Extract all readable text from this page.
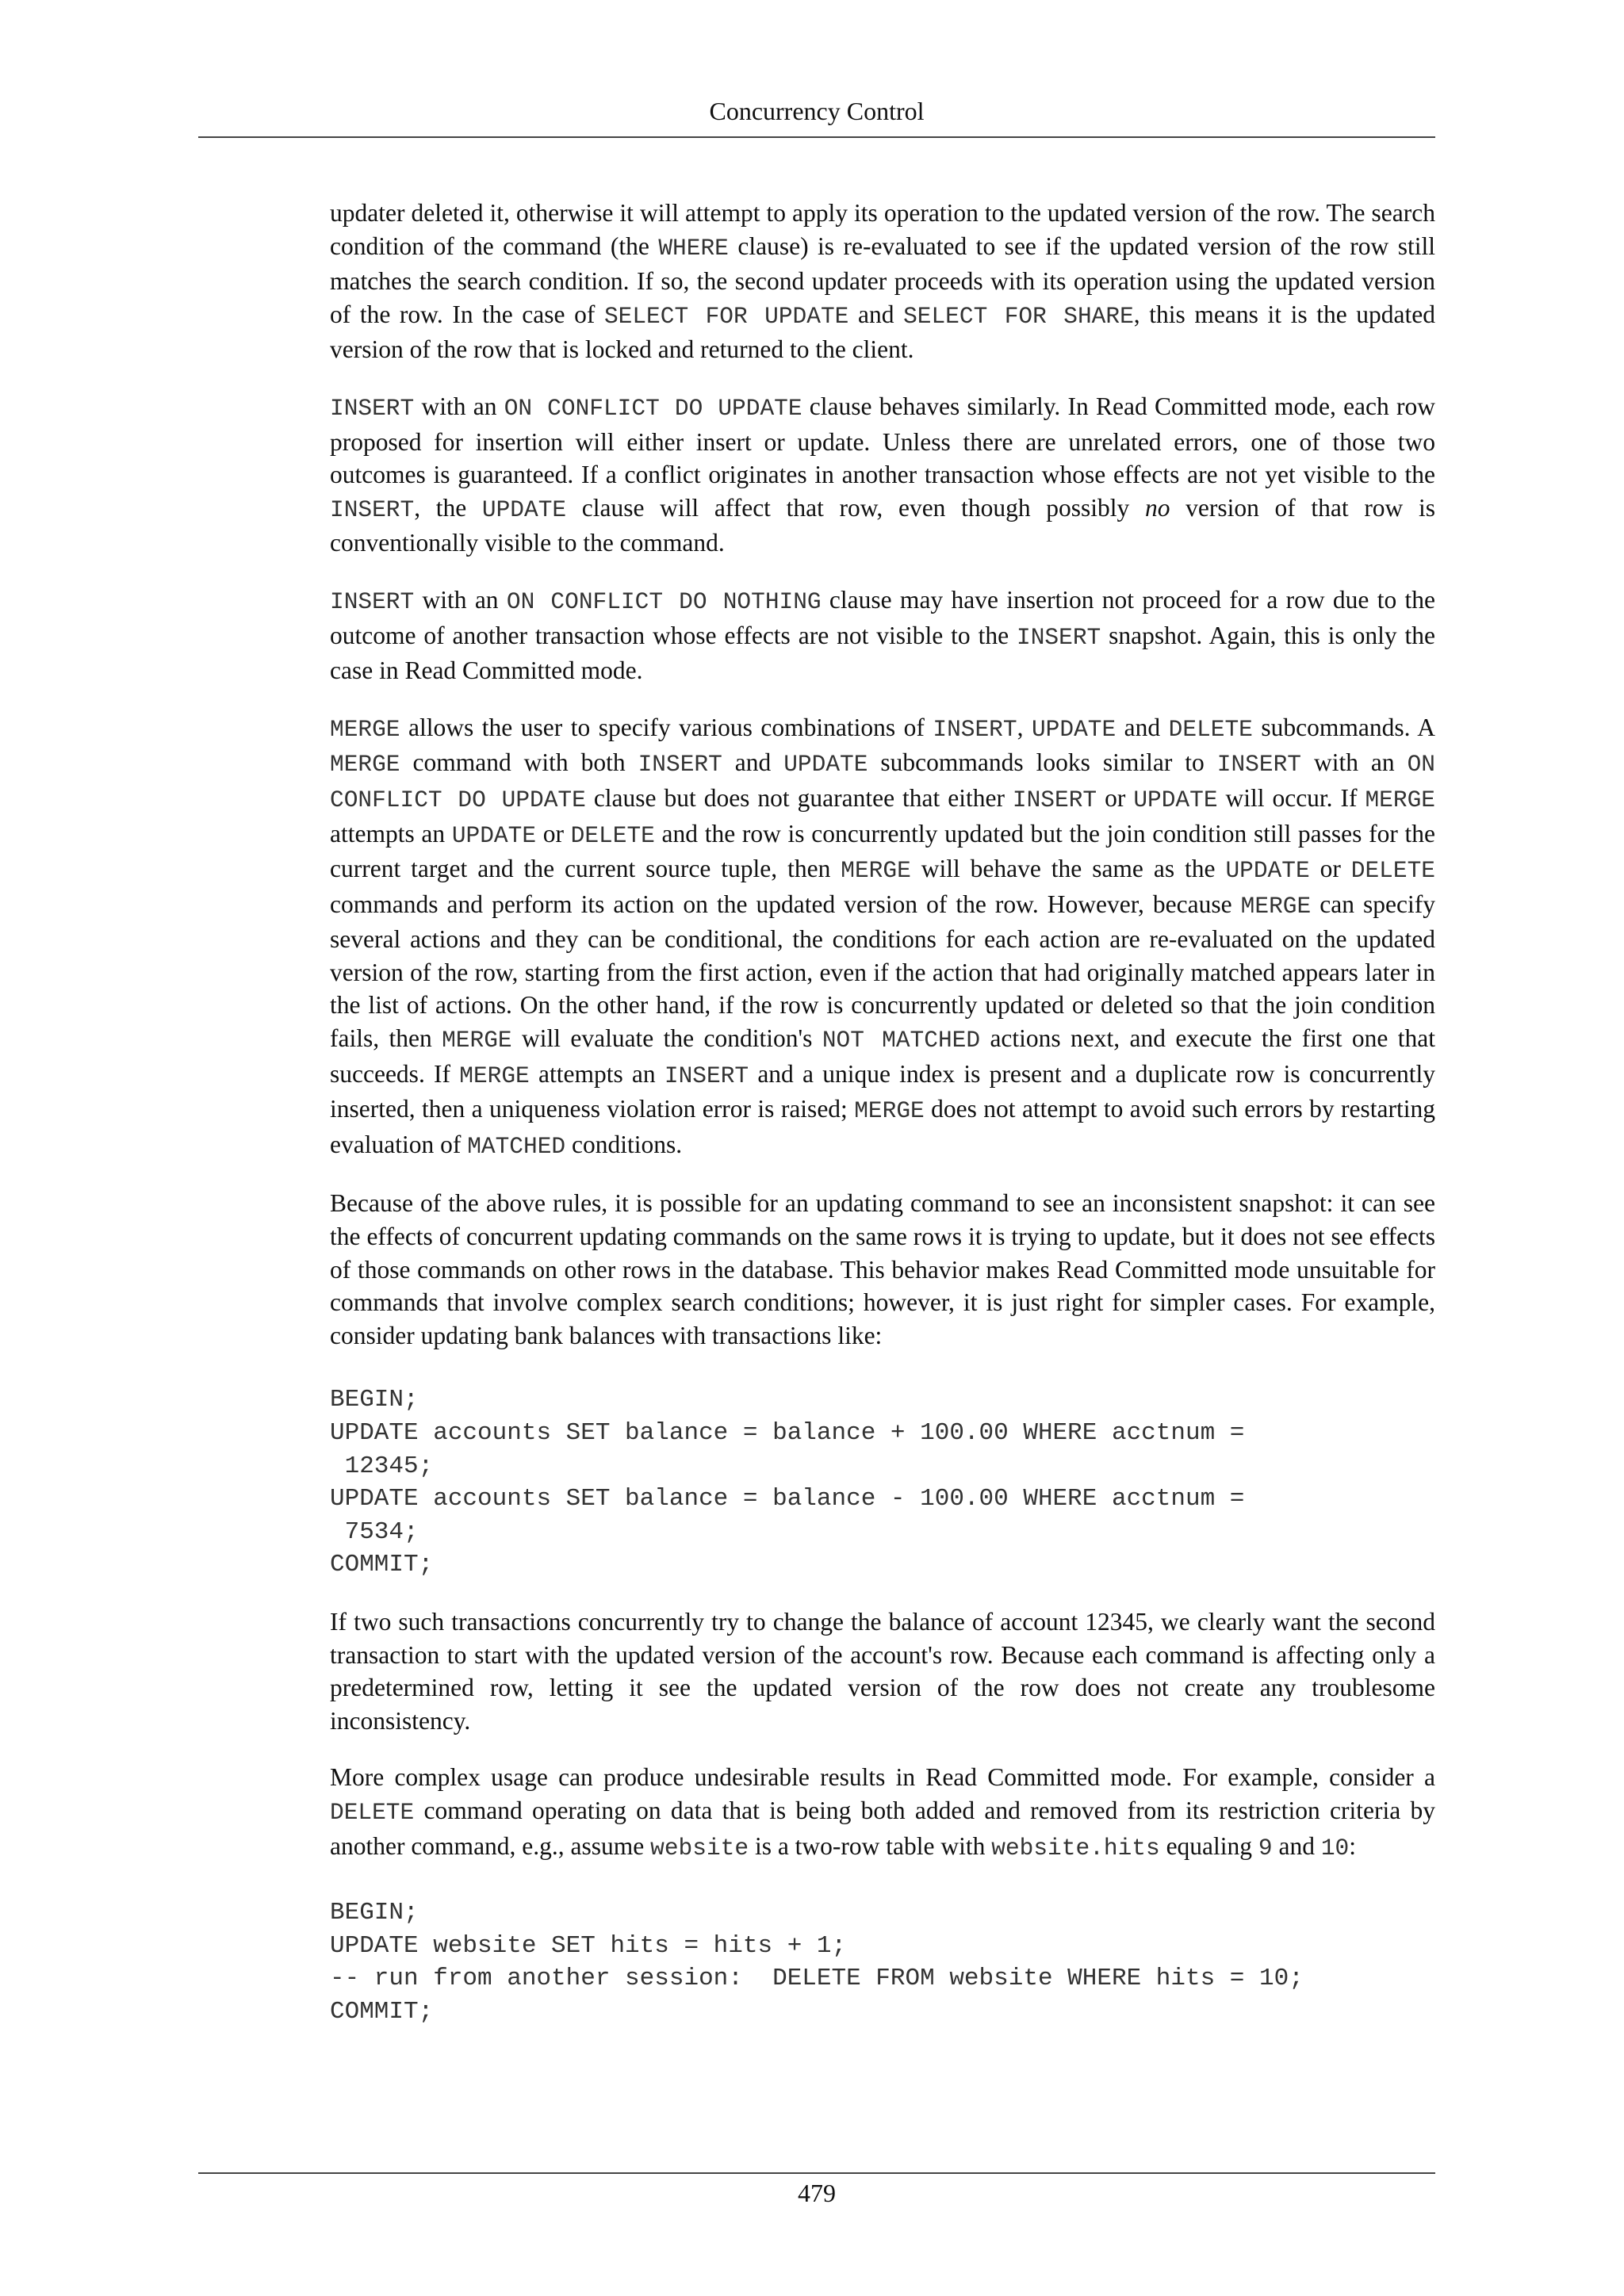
Concurrency Control

updater deleted it, otherwise it will attempt to apply its operation to the updated version of the row. The search condition of the command (the WHERE clause) is re-evaluated to see if the updated version of the row still matches the search condition. If so, the second updater proceeds with its operation using the updated version of the row. In the case of SELECT FOR UPDATE and SELECT FOR SHARE, this means it is the updated version of the row that is locked and returned to the client.

INSERT with an ON CONFLICT DO UPDATE clause behaves similarly. In Read Committed mode, each row proposed for insertion will either insert or update. Unless there are unrelated errors, one of those two outcomes is guaranteed. If a conflict originates in another transaction whose effects are not yet visible to the INSERT, the UPDATE clause will affect that row, even though possibly no version of that row is conventionally visible to the command.

INSERT with an ON CONFLICT DO NOTHING clause may have insertion not proceed for a row due to the outcome of another transaction whose effects are not visible to the INSERT snapshot. Again, this is only the case in Read Committed mode.

MERGE allows the user to specify various combinations of INSERT, UPDATE and DELETE subcommands. A MERGE command with both INSERT and UPDATE subcommands looks similar to INSERT with an ON CONFLICT DO UPDATE clause but does not guarantee that either INSERT or UPDATE will occur. If MERGE attempts an UPDATE or DELETE and the row is concurrently updated but the join condition still passes for the current target and the current source tuple, then MERGE will behave the same as the UPDATE or DELETE commands and perform its action on the updated version of the row. However, because MERGE can specify several actions and they can be conditional, the conditions for each action are re-evaluated on the updated version of the row, starting from the first action, even if the action that had originally matched appears later in the list of actions. On the other hand, if the row is concurrently updated or deleted so that the join condition fails, then MERGE will evaluate the condition's NOT MATCHED actions next, and execute the first one that succeeds. If MERGE attempts an INSERT and a unique index is present and a duplicate row is concurrently inserted, then a uniqueness violation error is raised; MERGE does not attempt to avoid such errors by restarting evaluation of MATCHED conditions.

Because of the above rules, it is possible for an updating command to see an inconsistent snapshot: it can see the effects of concurrent updating commands on the same rows it is trying to update, but it does not see effects of those commands on other rows in the database. This behavior makes Read Committed mode unsuitable for commands that involve complex search conditions; however, it is just right for simpler cases. For example, consider updating bank balances with transactions like:

BEGIN;
UPDATE accounts SET balance = balance + 100.00 WHERE acctnum =
12345;
UPDATE accounts SET balance = balance - 100.00 WHERE acctnum =
7534;
COMMIT;

If two such transactions concurrently try to change the balance of account 12345, we clearly want the second transaction to start with the updated version of the account's row. Because each command is affecting only a predetermined row, letting it see the updated version of the row does not create any troublesome inconsistency.

More complex usage can produce undesirable results in Read Committed mode. For example, consider a DELETE command operating on data that is being both added and removed from its restriction criteria by another command, e.g., assume website is a two-row table with website.hits equaling 9 and 10:

BEGIN;
UPDATE website SET hits = hits + 1;
-- run from another session:  DELETE FROM website WHERE hits = 10;
COMMIT;
479
